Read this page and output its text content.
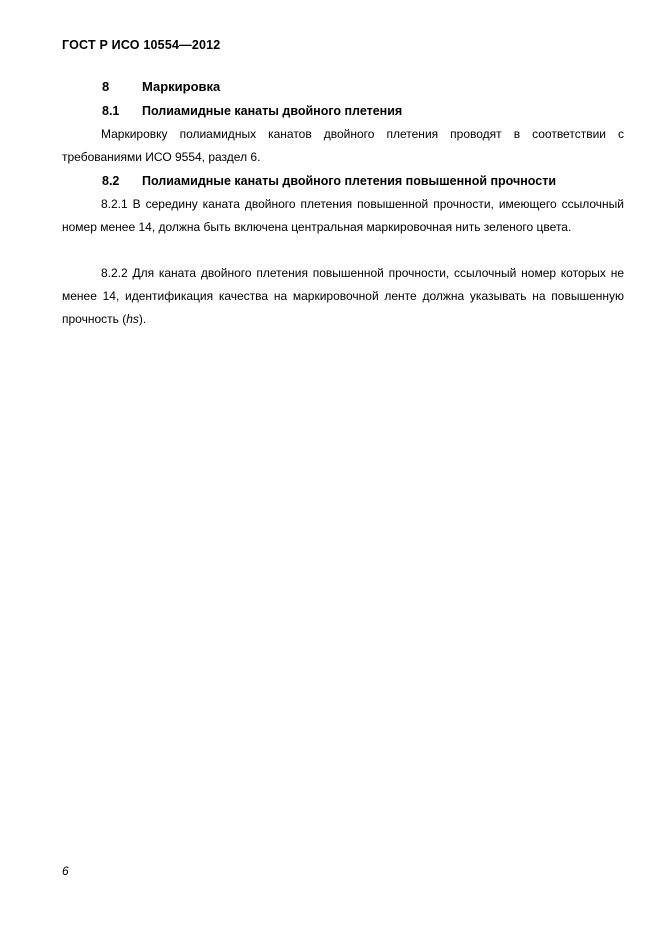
ГОСТ Р ИСО 10554—2012
8	Маркировка
8.1 Полиамидные канаты двойного плетения
Маркировку полиамидных канатов двойного плетения проводят в соответствии с требованиями ИСО 9554, раздел 6.
8.2 Полиамидные канаты двойного плетения повышенной прочности
8.2.1 В середину каната двойного плетения повышенной прочности, имеющего ссылочный номер менее 14, должна быть включена центральная маркировочная нить зеленого цвета.
8.2.2 Для каната двойного плетения повышенной прочности, ссылочный номер которых не менее 14, идентификация качества на маркировочной ленте должна указывать на повышенную прочность (hs).
6
